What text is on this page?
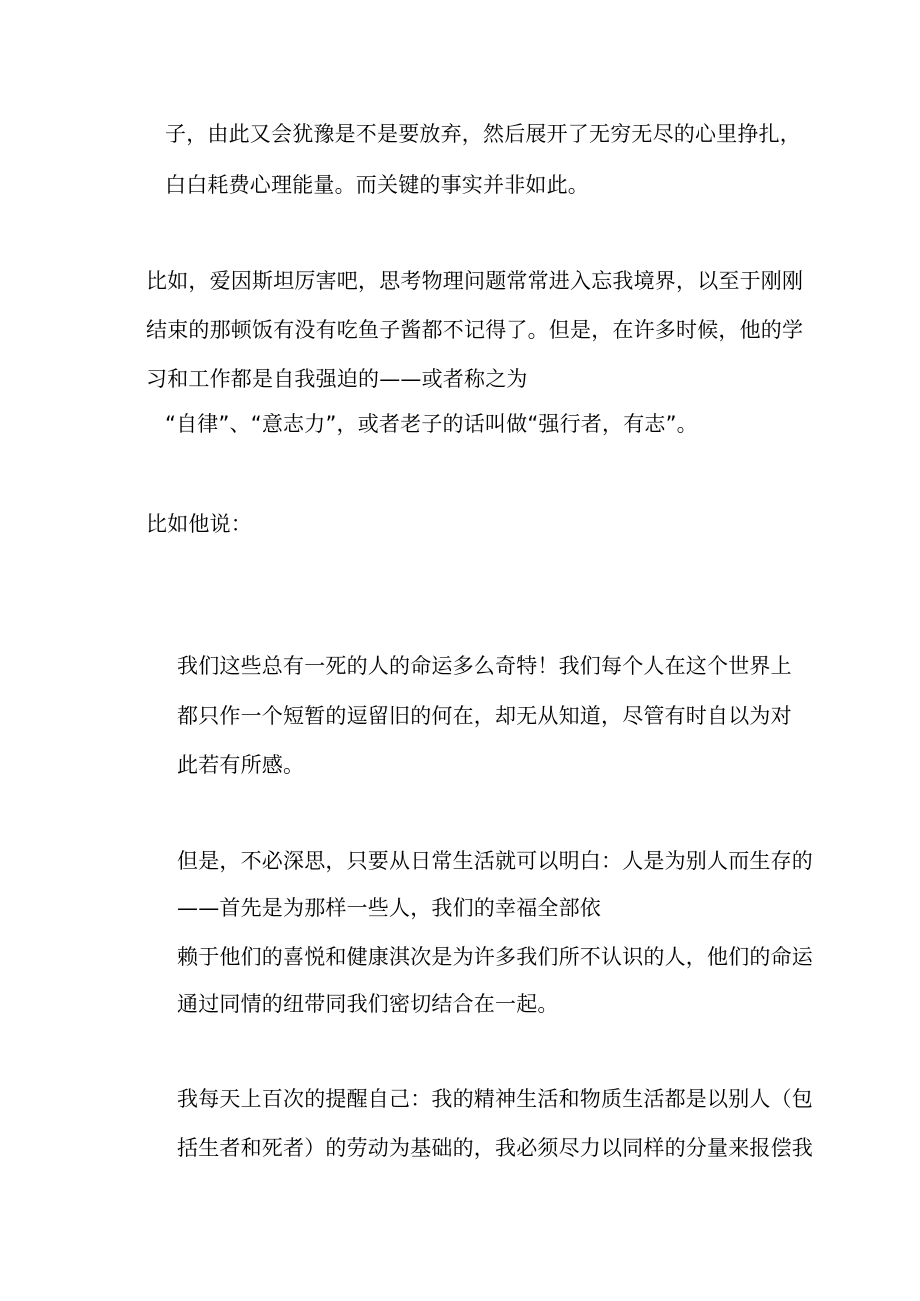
子，由此又会犹豫是不是要放弃，然后展开了无穷无尽的心里挣扎，
白白耗费心理能量。而关键的事实并非如此。
比如，爱因斯坦厉害吧，思考物理问题常常进入忘我境界，以至于刚刚
结束的那顿饭有没有吃鱼子酱都不记得了。但是，在许多时候，他的学
习和工作都是自我强迫的——或者称之为
“自律”、“意志力”，或者老子的话叫做“强行者，有志”。
比如他说：
我们这些总有一死的人的命运多么奇特！我们每个人在这个世界上
都只作一个短暂的逗留旧的何在，却无从知道，尽管有时自以为对
此若有所感。
但是，不必深思，只要从日常生活就可以明白：人是为别人而生存的
——首先是为那样一些人，我们的幸福全部依
赖于他们的喜悦和健康淇次是为许多我们所不认识的人，他们的命运
通过同情的纽带同我们密切结合在一起。
我每天上百次的提醒自己：我的精神生活和物质生活都是以别人（包
括生者和死者）的劳动为基础的，我必须尽力以同样的分量来报偿我
